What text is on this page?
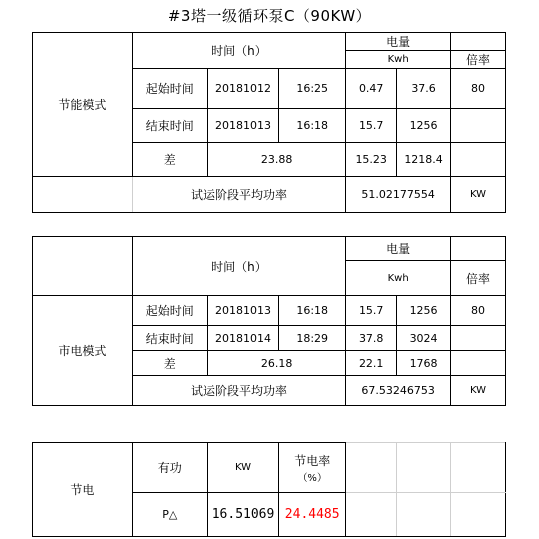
#3塔一级循环泵C（90KW）
节能模式	时间（h）			电量		
				Kwh		倍率
	起始时间	20181012	16:25	0.47	37.6	80
	结束时间	20181013	16:18	15.7	1256	
	差	23.88		15.23	1218.4	
	试运阶段平均功率			51.02177554		KW
	时间（h）			电量		
				Kwh		倍率
市电模式	起始时间	20181013	16:18	15.7	1256	80
	结束时间	20181014	18:29	37.8	3024	
	差	26.18		22.1	1768	
	试运阶段平均功率			67.53246753		KW
节电	有功	KW	节电率
（%）			

	P△	16.51069	24.4485			
